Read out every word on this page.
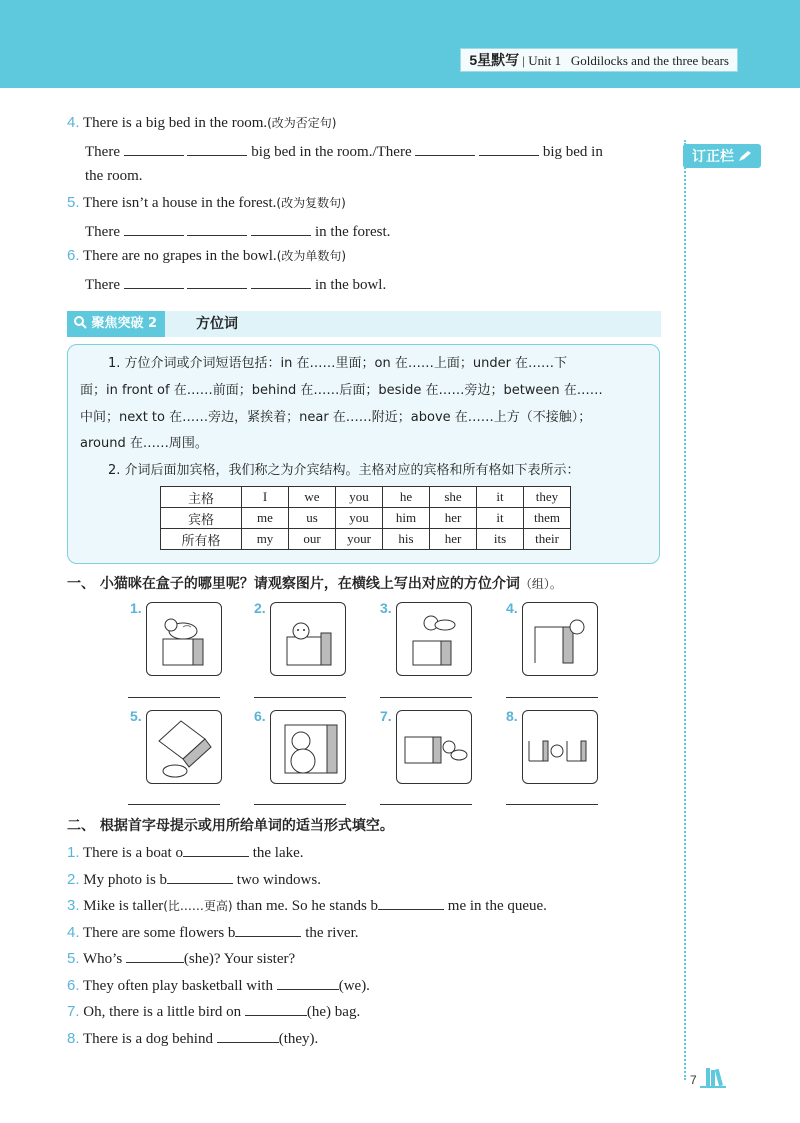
5星默写 | Unit 1 Goldilocks and the three bears
订正栏
4. There is a big bed in the room.(改为否定句)
There	big bed in the room./There	big bed in
the room.
5. There isn’t a house in the forest.(改为复数句)
There	in the forest.
6. There are no grapes in the bowl.(改为单数句)
There	in the bowl.
聚焦突破 2	方位词
1. 方位介词或介词短语包括：in 在……里面；on 在……上面；under 在……下
面；in front of 在……前面；behind 在……后面；beside 在……旁边；between 在……
中间；next to 在……旁边，紧挨着；near 在……附近；above 在……上方（不接触）；
around 在……周围。
2. 介词后面加宾格，我们称之为介宾结构。主格对应的宾格和所有格如下表所示：
主格	I	we	you	he	she	it	they
宾格	me	us	you	him	her	it	them
所有格	my	our	your	his	her	its	their
一、 小猫咪在盒子的哪里呢？请观察图片，在横线上写出对应的方位介词（组）。
1.	2.	3.	4.
5.	6.	7.	8.
二、 根据首字母提示或用所给单词的适当形式填空。
1. There is a boat o	the lake.
2. My photo is b	two windows.
3. Mike is taller(比……更高) than me. So he stands b	me in the queue.
4. There are some flowers b	the river.
5. Who’s	(she)? Your sister?
6. They often play basketball with	(we).
7. Oh, there is a little bird on	(he) bag.
8. There is a dog behind	(they).
7
